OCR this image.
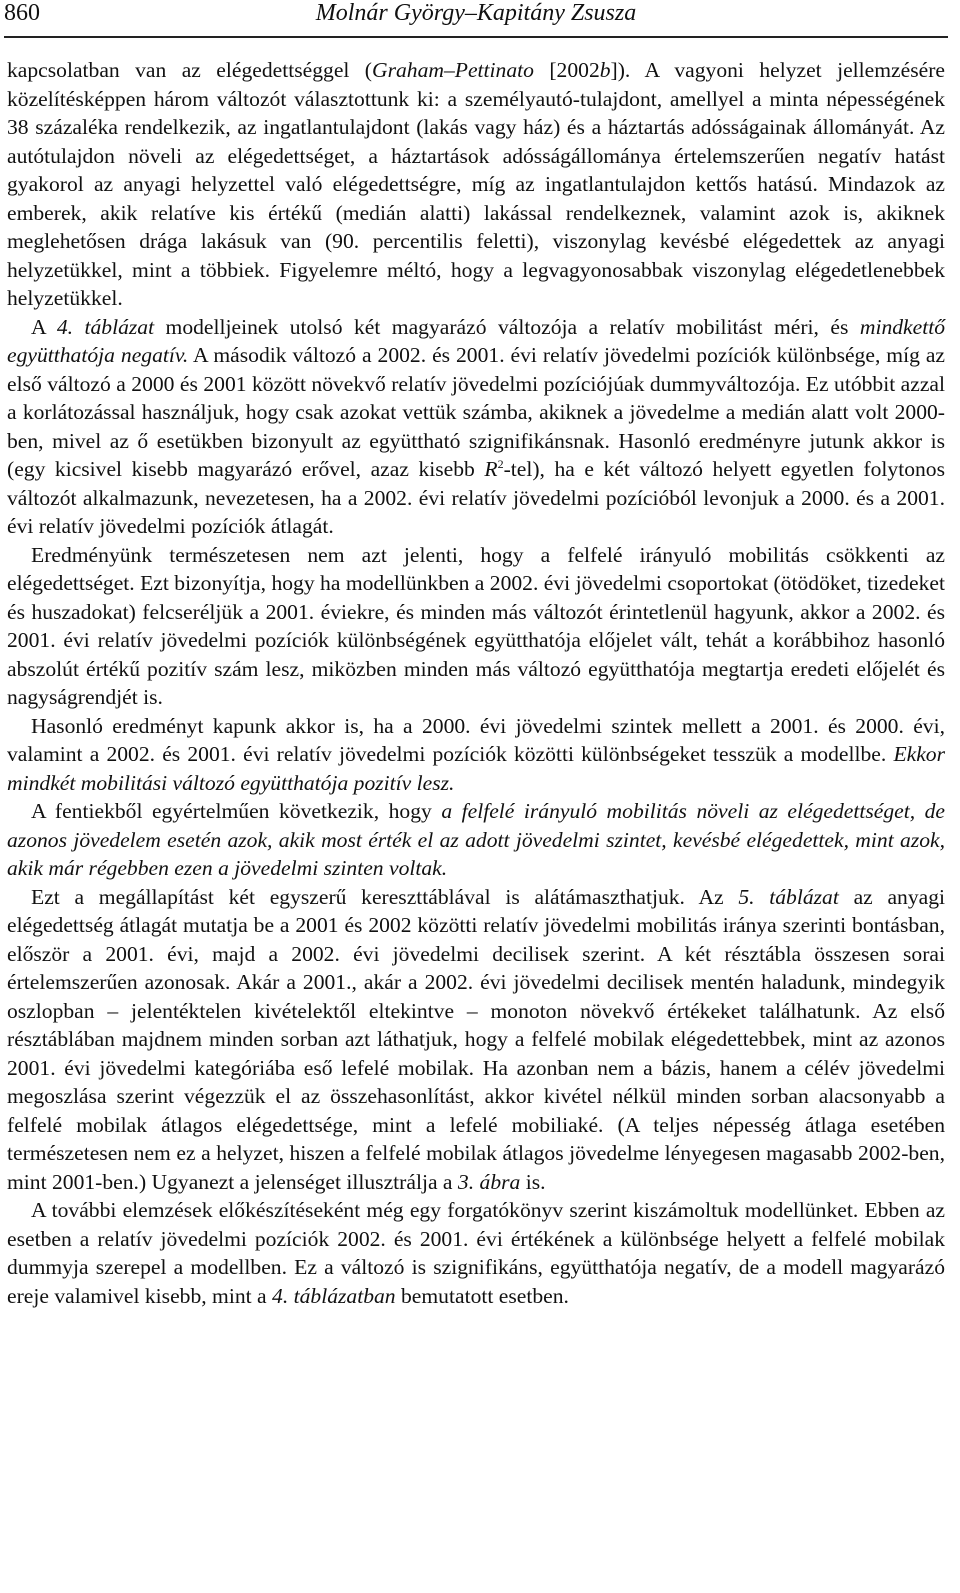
860	Molnár György–Kapitány Zsusza

kapcsolatban van az elégedettséggel (Graham–Pettinato [2002b]). A vagyoni helyzet jellemzésére közelítésképpen három változót választottunk ki: a személyautó-tulajdont, amellyel a minta népességének 38 százaléka rendelkezik, az ingatlantulajdont (lakás vagy ház) és a háztartás adósságainak állományát. Az autótulajdon növeli az elégedettséget, a háztartások adósságállománya értelemszerűen negatív hatást gyakorol az anyagi helyzettel való elégedettségre, míg az ingatlantulajdon kettős hatású. Mindazok az emberek, akik relatíve kis értékű (medián alatti) lakással rendelkeznek, valamint azok is, akiknek meglehetősen drága lakásuk van (90. percentilis feletti), viszonylag kevésbé elégedettek az anyagi helyzetükkel, mint a többiek. Figyelemre méltó, hogy a legvagyonosabbak viszonylag elégedetlenebbek helyzetükkel.

A 4. táblázat modelljeinek utolsó két magyarázó változója a relatív mobilitást méri, és mindkettő együtthatója negatív. A második változó a 2002. és 2001. évi relatív jövedelmi pozíciók különbsége, míg az első változó a 2000 és 2001 között növekvő relatív jövedelmi pozíciójúak dummyváltozója. Ez utóbbit azzal a korlátozással használjuk, hogy csak azokat vettük számba, akiknek a jövedelme a medián alatt volt 2000-ben, mivel az ő esetükben bizonyult az együttható szignifikánsnak. Hasonló eredményre jutunk akkor is (egy kicsivel kisebb magyarázó erővel, azaz kisebb $R^2-tel$), ha e két változó helyett egyetlen folytonos változót alkalmazunk, nevezetesen, ha a 2002. évi relatív jövedelmi pozícióból levonjuk a 2000. és a 2001. évi relatív jövedelmi pozíciók átlagát.

Eredményünk természetesen nem azt jelenti, hogy a felfelé irányuló mobilitás csökkenti az elégedettséget. Ezt bizonyítja, hogy ha modellünkben a 2002. évi jövedelmi csoportokat (ötödöket, tizedeket és huszadokat) felcseréljük a 2001. éviekre, és minden más változót érintetlenül hagyunk, akkor a 2002. és 2001. évi relatív jövedelmi pozíciók különbségének együtthatója előjelet vált, tehát a korábbihoz hasonló abszolút értékű pozitív szám lesz, miközben minden más változó együtthatója megtartja eredeti előjelét és nagyságrendjét is.

Hasonló eredményt kapunk akkor is, ha a 2000. évi jövedelmi szintek mellett a 2001. és 2000. évi, valamint a 2002. és 2001. évi relatív jövedelmi pozíciók közötti különbségeket tesszük a modellbe. Ekkor mindkét mobilitási változó együtthatója pozitív lesz.

A fentiekből egyértelműen következik, hogy a felfelé irányuló mobilitás növeli az elégedettséget, de azonos jövedelem esetén azok, akik most érték el az adott jövedelmi szintet, kevésbé elégedettek, mint azok, akik már régebben ezen a jövedelmi szinten voltak.

Ezt a megállapítást két egyszerű kereszttáblával is alátámaszthatjuk. Az 5. táblázat az anyagi elégedettség átlagát mutatja be a 2001 és 2002 közötti relatív jövedelmi mobilitás iránya szerinti bontásban, először a 2001. évi, majd a 2002. évi jövedelmi decilisek szerint. A két résztábla összesen sorai értelemszerűen azonosak. Akár a 2001., akár a 2002. évi jövedelmi decilisek mentén haladunk, mindegyik oszlopban – jelentéktelen kivételektől eltekintve – monoton növekvő értékeket találhatunk. Az első résztáblában majdnem minden sorban azt láthatjuk, hogy a felfelé mobilak elégedettebbek, mint az azonos 2001. évi jövedelmi kategóriába eső lefelé mobilak. Ha azonban nem a bázis, hanem a célév jövedelmi megoszlása szerint végezzük el az összehasonlítást, akkor kivétel nélkül minden sorban alacsonyabb a felfelé mobilak átlagos elégedettsége, mint a lefelé mobiliaké. (A teljes népesség átlaga esetében természetesen nem ez a helyzet, hiszen a felfelé mobilak átlagos jövedelme lényegesen magasabb 2002-ben, mint 2001-ben.) Ugyanezt a jelenséget illusztrálja a 3. ábra is.

A további elemzések előkészítéseként még egy forgatókönyv szerint kiszámoltuk modellünket. Ebben az esetben a relatív jövedelmi pozíciók 2002. és 2001. évi értékének a különbsége helyett a felfelé mobilak dummyja szerepel a modellben. Ez a változó is szignifikáns, együtthatója negatív, de a modell magyarázó ereje valamivel kisebb, mint a 4. táblázatban bemutatott esetben.
